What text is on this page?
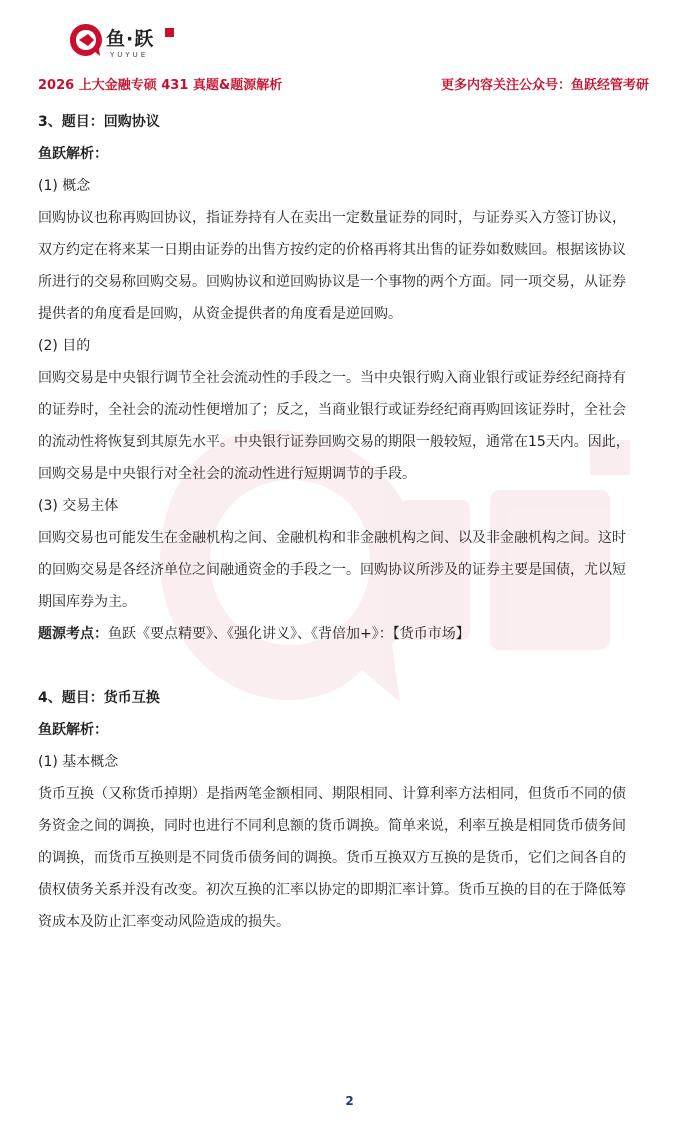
鱼·跃
YUYUE
2026 上大金融专硕 431 真题&题源解析	更多内容关注公众号：鱼跃经管考研
3、题目：回购协议
鱼跃解析：
(1) 概念
回购协议也称再购回协议，指证券持有人在卖出一定数量证券的同时，与证券买入方签订协议，
双方约定在将来某一日期由证券的出售方按约定的价格再将其出售的证券如数赎回。根据该协议
所进行的交易称回购交易。回购协议和逆回购协议是一个事物的两个方面。同一项交易，从证券
提供者的角度看是回购，从资金提供者的角度看是逆回购。
(2) 目的
回购交易是中央银行调节全社会流动性的手段之一。当中央银行购入商业银行或证券经纪商持有
的证券时，全社会的流动性便增加了；反之，当商业银行或证券经纪商再购回该证券时，全社会
的流动性将恢复到其原先水平。中央银行证券回购交易的期限一般较短，通常在15天内。因此，
回购交易是中央银行对全社会的流动性进行短期调节的手段。
(3) 交易主体
回购交易也可能发生在金融机构之间、金融机构和非金融机构之间、以及非金融机构之间。这时
的回购交易是各经济单位之间融通资金的手段之一。回购协议所涉及的证券主要是国债，尤以短
期国库券为主。
题源考点：鱼跃《要点精要》、《强化讲义》、《背倍加+》：【货币市场】
4、题目：货币互换
鱼跃解析：
(1) 基本概念
货币互换（又称货币掉期）是指两笔金额相同、期限相同、计算利率方法相同，但货币不同的债
务资金之间的调换，同时也进行不同利息额的货币调换。简单来说，利率互换是相同货币债务间
的调换，而货币互换则是不同货币债务间的调换。货币互换双方互换的是货币，它们之间各自的
债权债务关系并没有改变。初次互换的汇率以协定的即期汇率计算。货币互换的目的在于降低筹
资成本及防止汇率变动风险造成的损失。
2
